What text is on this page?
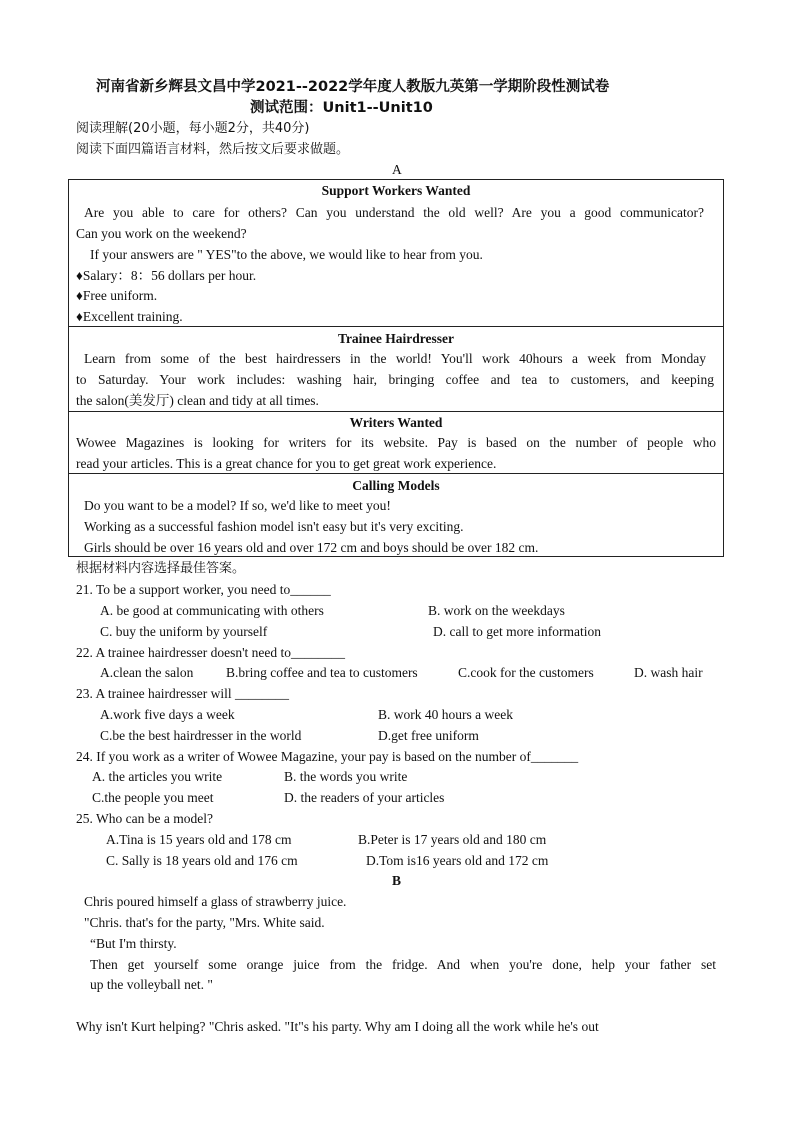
河南省新乡辉县文昌中学2021--2022学年度人教版九英第一学期阶段性测试卷
测试范围：Unit1--Unit10
阅读理解(20小题，每小题2分，共40分)
阅读下面四篇语言材料，然后按文后要求做题。
A
Support Workers Wanted
Are you able to care for others? Can you understand the old well? Are you a good communicator?
Can you work on the weekend?
If your answers are " YES"to the above, we would like to hear from you.
♦Salary：8：56 dollars per hour.
♦Free uniform.
♦Excellent training.
Trainee Hairdresser
Learn from some of the best hairdressers in the world! You'll work 40hours a week from Monday
to Saturday. Your work includes: washing hair, bringing coffee and tea to customers, and keeping
the salon(美发厅) clean and tidy at all times.
Writers Wanted
Wowee Magazines is looking for writers for its website. Pay is based on the number of people who
read your articles. This is a great chance for you to get great work experience.
Calling Models
Do you want to be a model? If so, we'd like to meet you!
Working as a successful fashion model isn't easy but it's very exciting.
Girls should be over 16 years old and over 172 cm and boys should be over 182 cm.
根据材料内容选择最佳答案。
21. To be a support worker, you need to______
A. be good at communicating with others	B. work on the weekdays
C. buy the uniform by yourself	D. call to get more information
22. A trainee hairdresser doesn't need to________
A.clean the salon B.bring coffee and tea to customers	C.cook for the customers	D. wash hair
23. A trainee hairdresser will ________
A.work five days a week	B. work 40 hours a week
C.be the best hairdresser in the world	D.get free uniform
24. If you work as a writer of Wowee Magazine, your pay is based on the number of_______
A. the articles you write	B. the words you write
C.the people you meet	D. the readers of your articles
25. Who can be a model?
A.Tina is 15 years old and 178 cm	B.Peter is 17 years old and 180 cm
C. Sally is 18 years old and 176 cm	D.Tom is16 years old and 172 cm
B
Chris poured himself a glass of strawberry juice.
"Chris. that's for the party, "Mrs. White said.
“But I'm thirsty.
Then get yourself some orange juice from the fridge. And when you're done, help your father set
up the volleyball net. "
Why isn't Kurt helping? "Chris asked. "It"s his party. Why am I doing all the work while he's out
